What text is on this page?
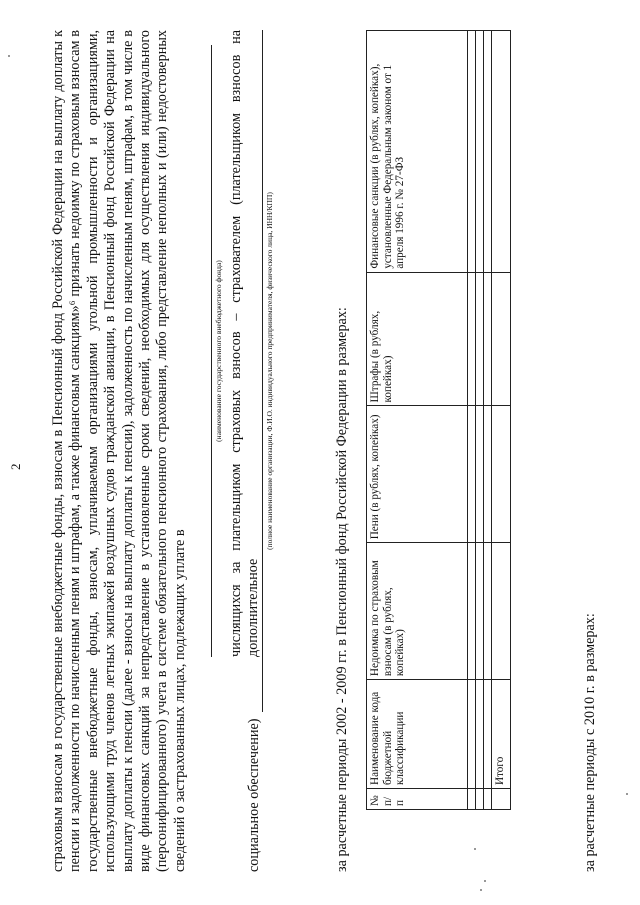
2 страховым взносам в государственные внебюджетные фонды, взносам в Пенсионный фонд Российской Федерации на выплату доплаты к пенсии и задолженности по начисленным пеням и штрафам, а также финансовым санкциям»⁶ признать недоимку по страховым взносам в государственные внебюджетные фонды, взносам, уплачиваемым организациями угольной промышленности и организациями, использующими труд членов летных экипажей воздушных судов гражданской авиации, в Пенсионный фонд Российской Федерации на выплату доплаты к пенсии (далее - взносы на выплату доплаты к пенсии), задолженность по начисленным пеням, штрафам, в том числе в виде финансовых санкций за непредставление в установленные сроки сведений, необходимых для осуществления индивидуального (персонифицированного) учета в системе обязательного пенсионного страхования, либо представление неполных и (или) недостоверных сведений о застрахованных лицах, подлежащих уплате в

(наименование государственного внебюджетного фонда) числящихся за плательщиком страховых взносов – страхователем (плательщиком взносов на дополнительное
социальное обеспечение)
(полное наименование организации, Ф.И.О. индивидуального предпринимателя, физического лица, ИНН/КПП)	за расчетные периоды 2002 - 2009 гг. в Пенсионный фонд Российской Федерации в размерах: № п/п	Наименование кода бюджетной классификации	Недоимка по страховым взносам (в рублях, копейках)	Пени (в рублях, копейках)	Штрафы (в рублях, копейках)	Финансовые санкции (в рублях, копейках), установленные Федеральным законом от 1 апреля 1996 г. № 27-ФЗ

	Итого					за расчетные периоды с 2010 г. в размерах:
